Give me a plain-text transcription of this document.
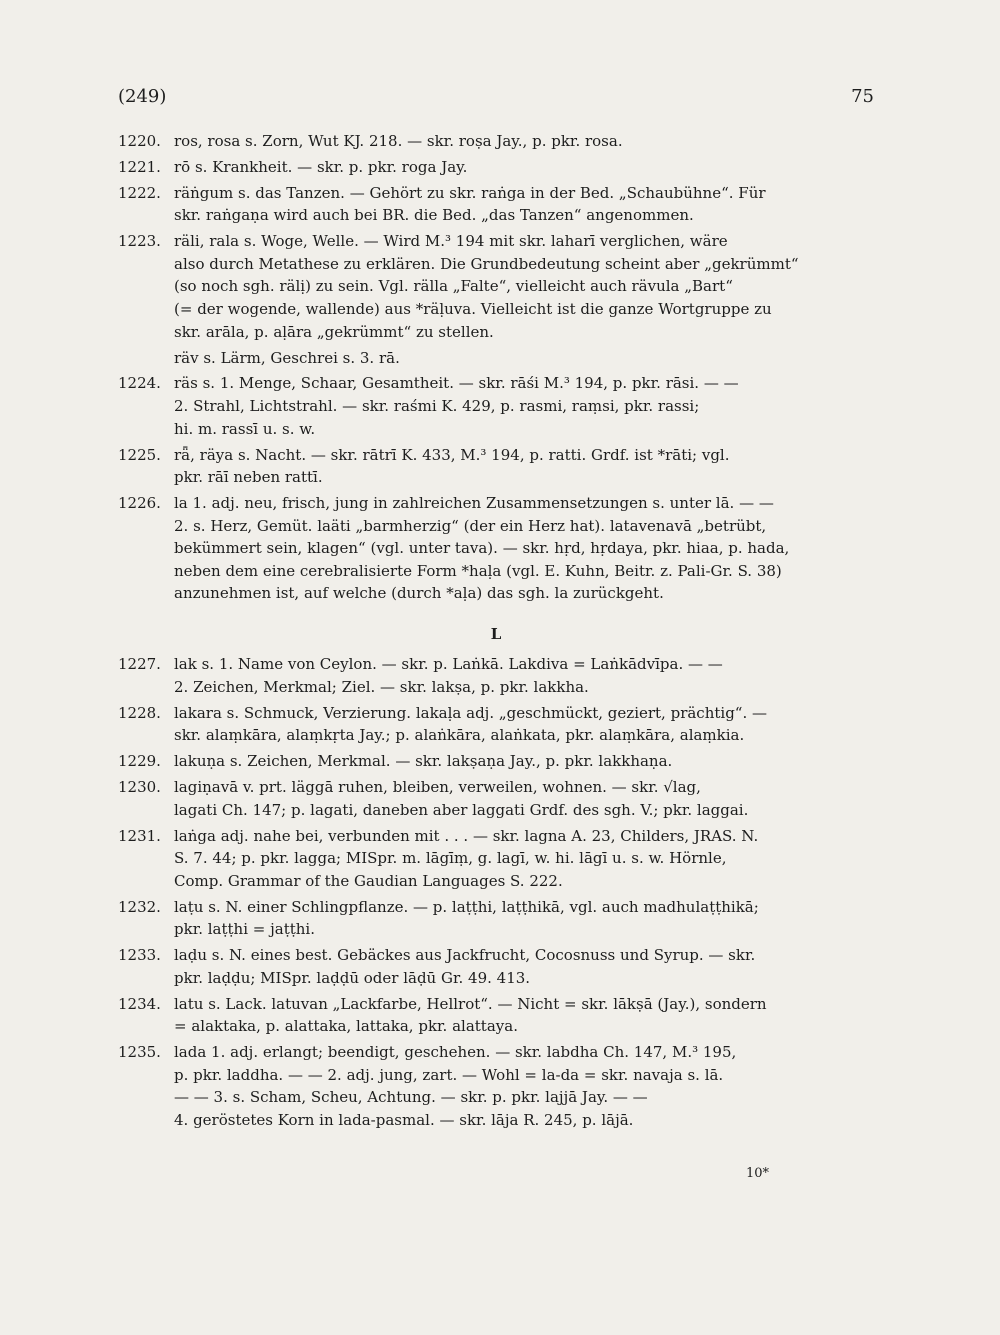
(249)	75
1220. ros, rosa s. Zorn, Wut KJ. 218. — skr. roṣa Jay., p. pkr. rosa.
1221. rō s. Krankheit. — skr. p. pkr. roga Jay.
1222. räṅgum s. das Tanzen. — Gehört zu skr. raṅga in der Bed. „Schaubühne“. Für
skr. raṅgaṇa wird auch bei BR. die Bed. „das Tanzen“ angenommen.
1223. räli, rala s. Woge, Welle. — Wird M.³ 194 mit skr. laharī verglichen, wäre
also durch Metathese zu erklären. Die Grundbedeutung scheint aber „gekrümmt“
(so noch sgh. rälị) zu sein. Vgl. rälla „Falte“, vielleicht auch rävula „Bart“
(= der wogende, wallende) aus *räḷuva. Vielleicht ist die ganze Wortgruppe zu
skr. arāla, p. aḷāra „gekrümmt“ zu stellen.
räv s. Lärm, Geschrei s. 3. rā.
1224. räs s. 1. Menge, Schaar, Gesamtheit. — skr. rāśi M.³ 194, p. pkr. rāsi. — —
2. Strahl, Lichtstrahl. — skr. raśmi K. 429, p. rasmi, raṃsi, pkr. rassi;
hi. m. rassī u. s. w.
1225. rǟ, räya s. Nacht. — skr. rātrī K. 433, M.³ 194, p. ratti. Grdf. ist *rāti; vgl.
pkr. rāī neben rattī.
1226. la 1. adj. neu, frisch, jung in zahlreichen Zusammensetzungen s. unter lā. — —
2. s. Herz, Gemüt. laäti „barmherzig“ (der ein Herz hat). latavenavā „betrübt,
bekümmert sein, klagen“ (vgl. unter tava). — skr. hṛd, hṛdaya, pkr. hiaa, p. hada,
neben dem eine cerebralisierte Form *haḷa (vgl. E. Kuhn, Beitr. z. Pali-Gr. S. 38)
anzunehmen ist, auf welche (durch *aḷa) das sgh. la zurückgeht.
L
1227. lak s. 1. Name von Ceylon. — skr. p. Laṅkā. Lakdiva = Laṅkādvīpa. — —
2. Zeichen, Merkmal; Ziel. — skr. lakṣa, p. pkr. lakkha.
1228. lakara s. Schmuck, Verzierung. lakaḷa adj. „geschmückt, geziert, prächtig“. —
skr. alaṃkāra, alaṃkṛta Jay.; p. alaṅkāra, alaṅkata, pkr. alaṃkāra, alaṃkia.
1229. lakuṇa s. Zeichen, Merkmal. — skr. lakṣaṇa Jay., p. pkr. lakkhaṇa.
1230. lagiṇavā v. prt. läggā ruhen, bleiben, verweilen, wohnen. — skr. √lag,
lagati Ch. 147; p. lagati, daneben aber laggati Grdf. des sgh. V.; pkr. laggai.
1231. laṅga adj. nahe bei, verbunden mit . . . — skr. lagna A. 23, Childers, JRAS. N.
S. 7. 44; p. pkr. lagga; MISpr. m. lāgīṃ, g. lagī, w. hi. lāgī u. s. w. Hörnle,
Comp. Grammar of the Gaudian Languages S. 222.
1232. laṭu s. N. einer Schlingpflanze. — p. laṭṭhi, laṭṭhikā, vgl. auch madhulaṭṭhikā;
pkr. laṭṭhi = jaṭṭhi.
1233. laḍu s. N. eines best. Gebäckes aus Jackfrucht, Cocosnuss und Syrup. — skr.
pkr. laḍḍu; MISpr. laḍḍū oder lāḍū Gr. 49. 413.
1234. latu s. Lack. latuvan „Lackfarbe, Hellrot“. — Nicht = skr. lākṣā (Jay.), sondern
= alaktaka, p. alattaka, lattaka, pkr. alattaya.
1235. lada 1. adj. erlangt; beendigt, geschehen. — skr. labdha Ch. 147, M.³ 195,
p. pkr. laddha. — — 2. adj. jung, zart. — Wohl = la-da = skr. navaja s. lā.
— — 3. s. Scham, Scheu, Achtung. — skr. p. pkr. lajjā Jay. — —
4. geröstetes Korn in lada-pasmal. — skr. lāja R. 245, p. lājā.
10*
